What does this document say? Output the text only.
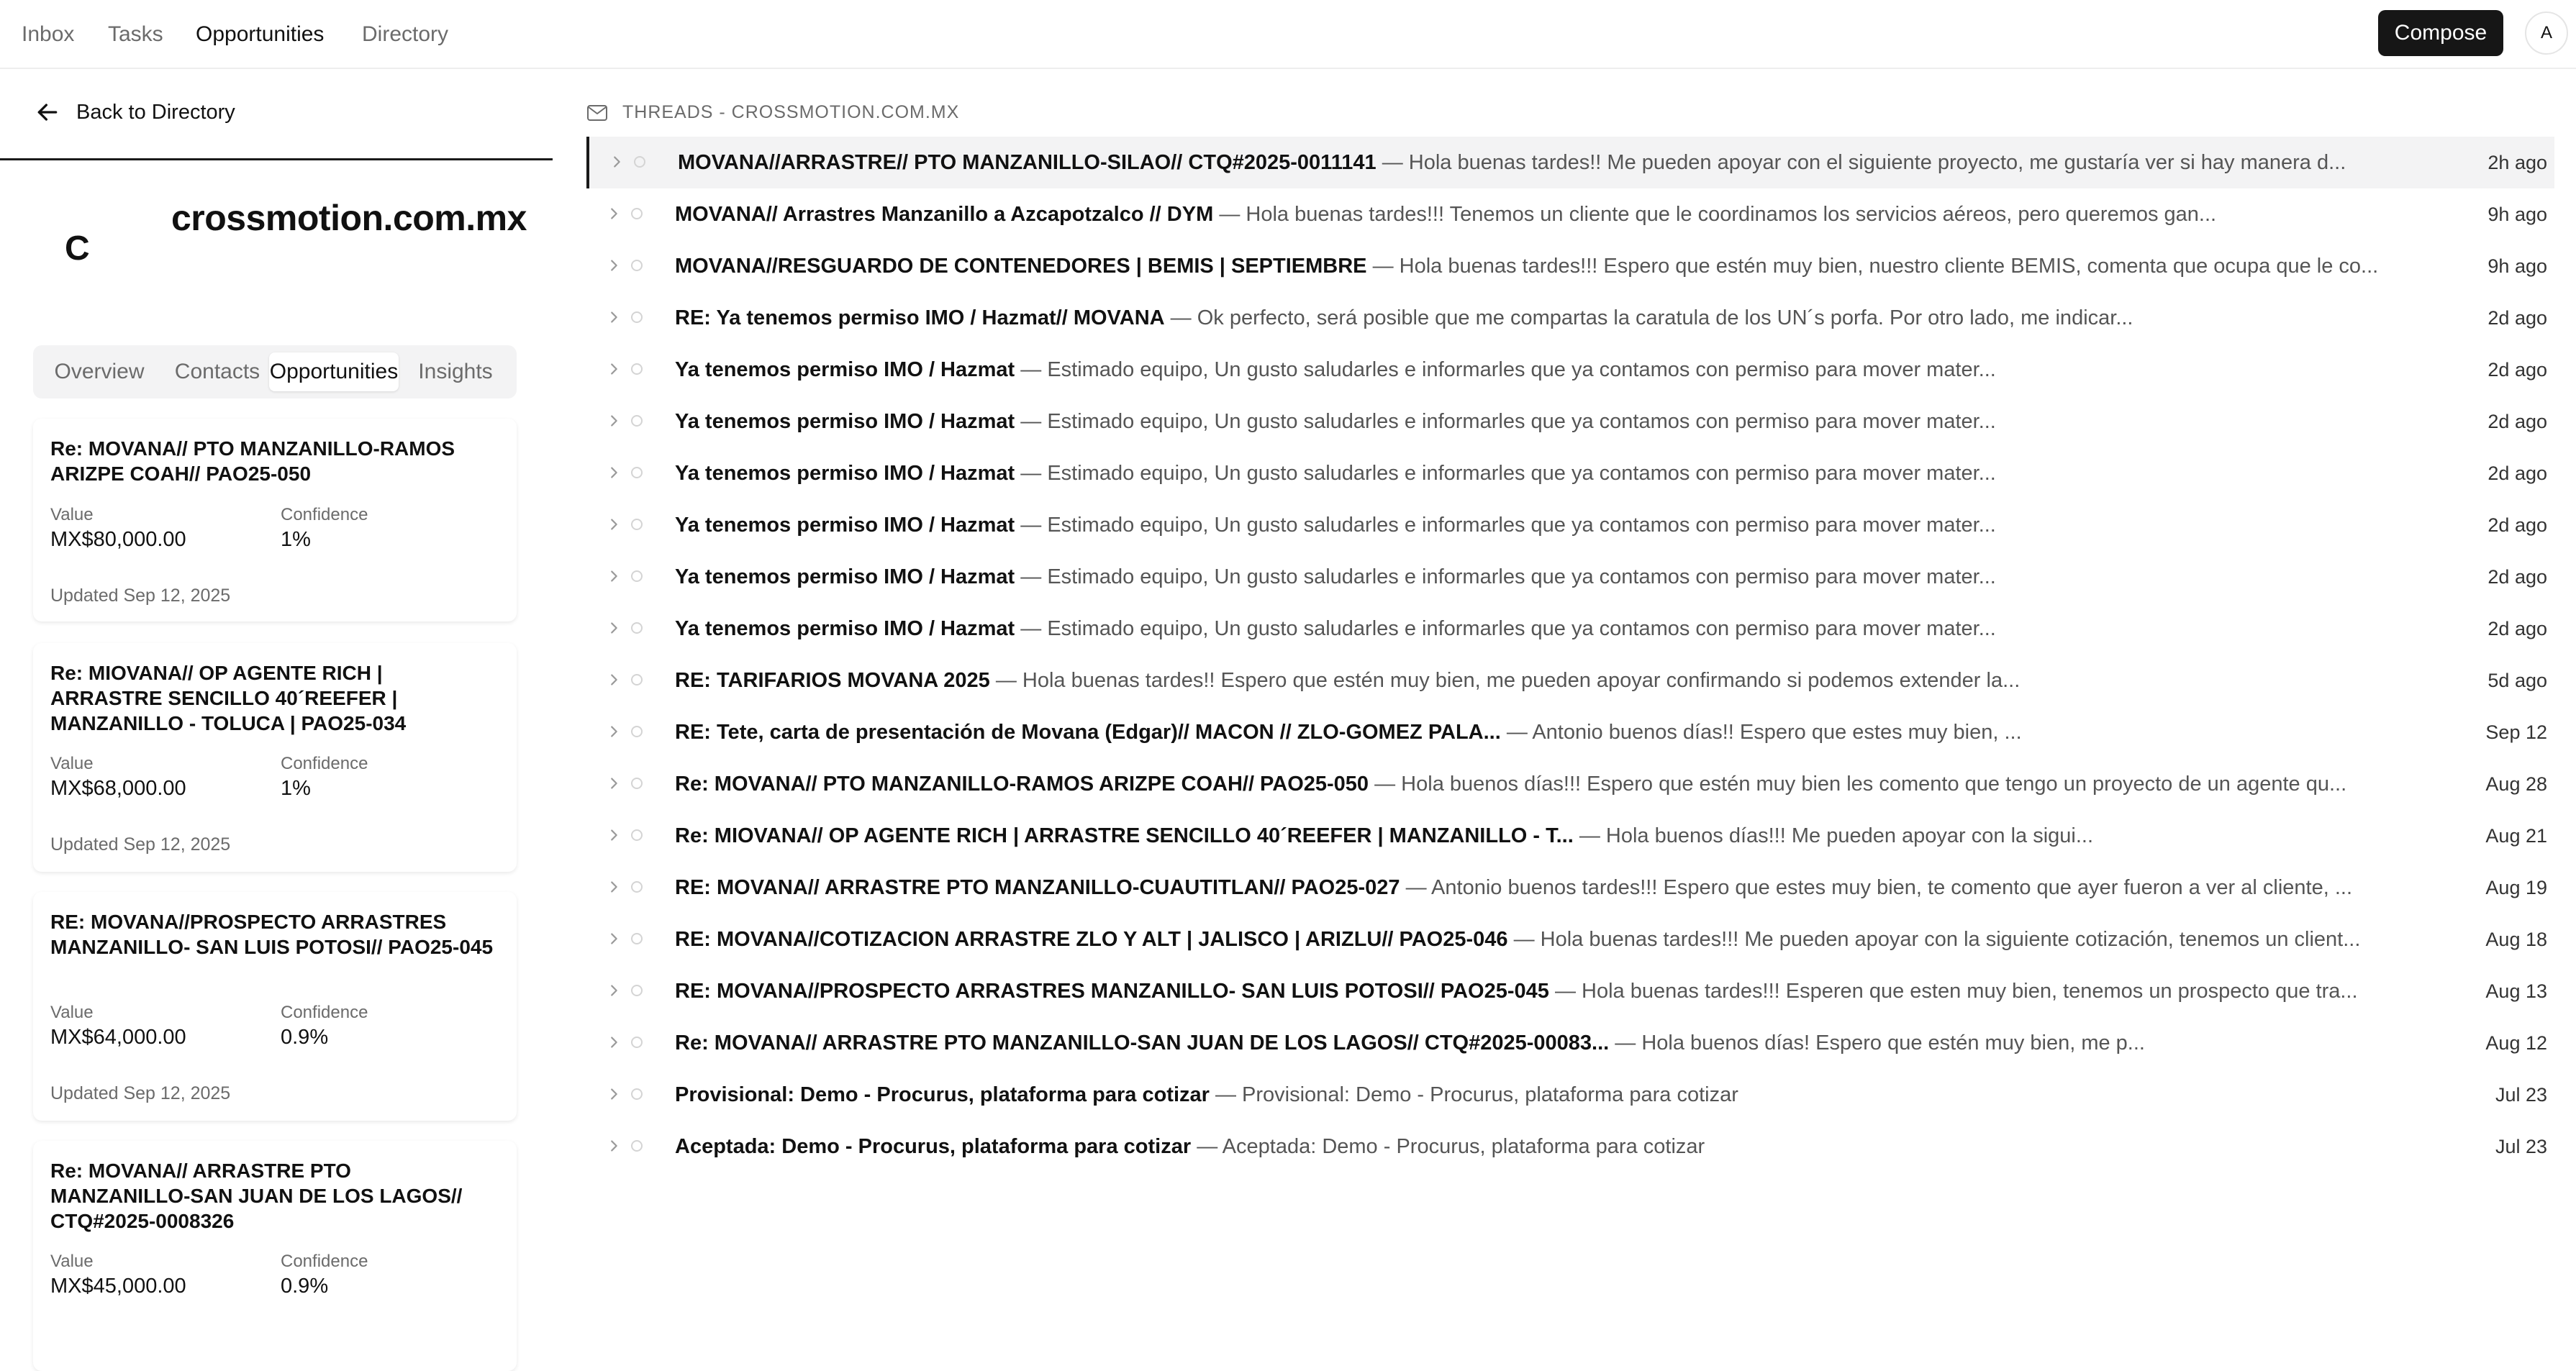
Inbox Tasks Opportunities Directory	Compose	A
Back to Directory
C
crossmotion.com.mx
Overview	Contacts Opportunities Insights
Re: MOVANA// PTO MANZANILLO-RAMOS ARIZPE COAH// PAO25-050
Value	Confidence
MX$80,000.00	1%
Updated Sep 12, 2025
Re: MIOVANA// OP AGENTE RICH | ARRASTRE SENCILLO 40´REEFER | MANZANILLO - TOLUCA | PAO25-034
Value	Confidence
MX$68,000.00	1%
Updated Sep 12, 2025
RE: MOVANA//PROSPECTO ARRASTRES MANZANILLO- SAN LUIS POTOSI// PAO25-045
Value	Confidence
MX$64,000.00	0.9%
Updated Sep 12, 2025
Re: MOVANA// ARRASTRE PTO MANZANILLO-SAN JUAN DE LOS LAGOS// CTQ#2025-0008326
Value	Confidence
MX$45,000.00	0.9%
THREADS - CROSSMOTION.COM.MX
MOVANA//ARRASTRE// PTO MANZANILLO-SILAO// CTQ#2025-0011141 — Hola buenas tardes!! Me pueden apoyar con el siguiente proyecto, me gustaría ver si hay manera d...	2h ago
MOVANA// Arrastres Manzanillo a Azcapotzalco // DYM — Hola buenas tardes!!! Tenemos un cliente que le coordinamos los servicios aéreos, pero queremos gan...	9h ago
MOVANA//RESGUARDO DE CONTENEDORES | BEMIS | SEPTIEMBRE — Hola buenas tardes!!! Espero que estén muy bien, nuestro cliente BEMIS, comenta que ocupa que le co...	9h ago
RE: Ya tenemos permiso IMO / Hazmat// MOVANA — Ok perfecto, será posible que me compartas la caratula de los UN´s porfa. Por otro lado, me indicar...	2d ago
Ya tenemos permiso IMO / Hazmat — Estimado equipo, Un gusto saludarles e informarles que ya contamos con permiso para mover mater...	2d ago
Ya tenemos permiso IMO / Hazmat — Estimado equipo, Un gusto saludarles e informarles que ya contamos con permiso para mover mater...	2d ago
Ya tenemos permiso IMO / Hazmat — Estimado equipo, Un gusto saludarles e informarles que ya contamos con permiso para mover mater...	2d ago
Ya tenemos permiso IMO / Hazmat — Estimado equipo, Un gusto saludarles e informarles que ya contamos con permiso para mover mater...	2d ago
Ya tenemos permiso IMO / Hazmat — Estimado equipo, Un gusto saludarles e informarles que ya contamos con permiso para mover mater...	2d ago
Ya tenemos permiso IMO / Hazmat — Estimado equipo, Un gusto saludarles e informarles que ya contamos con permiso para mover mater...	2d ago
RE: TARIFARIOS MOVANA 2025 — Hola buenas tardes!! Espero que estén muy bien, me pueden apoyar confirmando si podemos extender la...	5d ago
RE: Tete, carta de presentación de Movana (Edgar)// MACON // ZLO-GOMEZ PALA... — Antonio buenos días!! Espero que estes muy bien, ...	Sep 12
Re: MOVANA// PTO MANZANILLO-RAMOS ARIZPE COAH// PAO25-050 — Hola buenos días!!! Espero que estén muy bien les comento que tengo un proyecto de un agente qu...	Aug 28
Re: MIOVANA// OP AGENTE RICH | ARRASTRE SENCILLO 40´REEFER | MANZANILLO - T... — Hola buenos días!!! Me pueden apoyar con la sigui...	Aug 21
RE: MOVANA// ARRASTRE PTO MANZANILLO-CUAUTITLAN// PAO25-027 — Antonio buenos tardes!!! Espero que estes muy bien, te comento que ayer fueron a ver al cliente, ...	Aug 19
RE: MOVANA//COTIZACION ARRASTRE ZLO Y ALT | JALISCO | ARIZLU// PAO25-046 — Hola buenas tardes!!! Me pueden apoyar con la siguiente cotización, tenemos un client...	Aug 18
RE: MOVANA//PROSPECTO ARRASTRES MANZANILLO- SAN LUIS POTOSI// PAO25-045 — Hola buenas tardes!!! Esperen que esten muy bien, tenemos un prospecto que tra...	Aug 13
Re: MOVANA// ARRASTRE PTO MANZANILLO-SAN JUAN DE LOS LAGOS// CTQ#2025-00083... — Hola buenos días! Espero que estén muy bien, me p...	Aug 12
Provisional: Demo - Procurus, plataforma para cotizar — Provisional: Demo - Procurus, plataforma para cotizar	Jul 23
Aceptada: Demo - Procurus, plataforma para cotizar — Aceptada: Demo - Procurus, plataforma para cotizar	Jul 23
